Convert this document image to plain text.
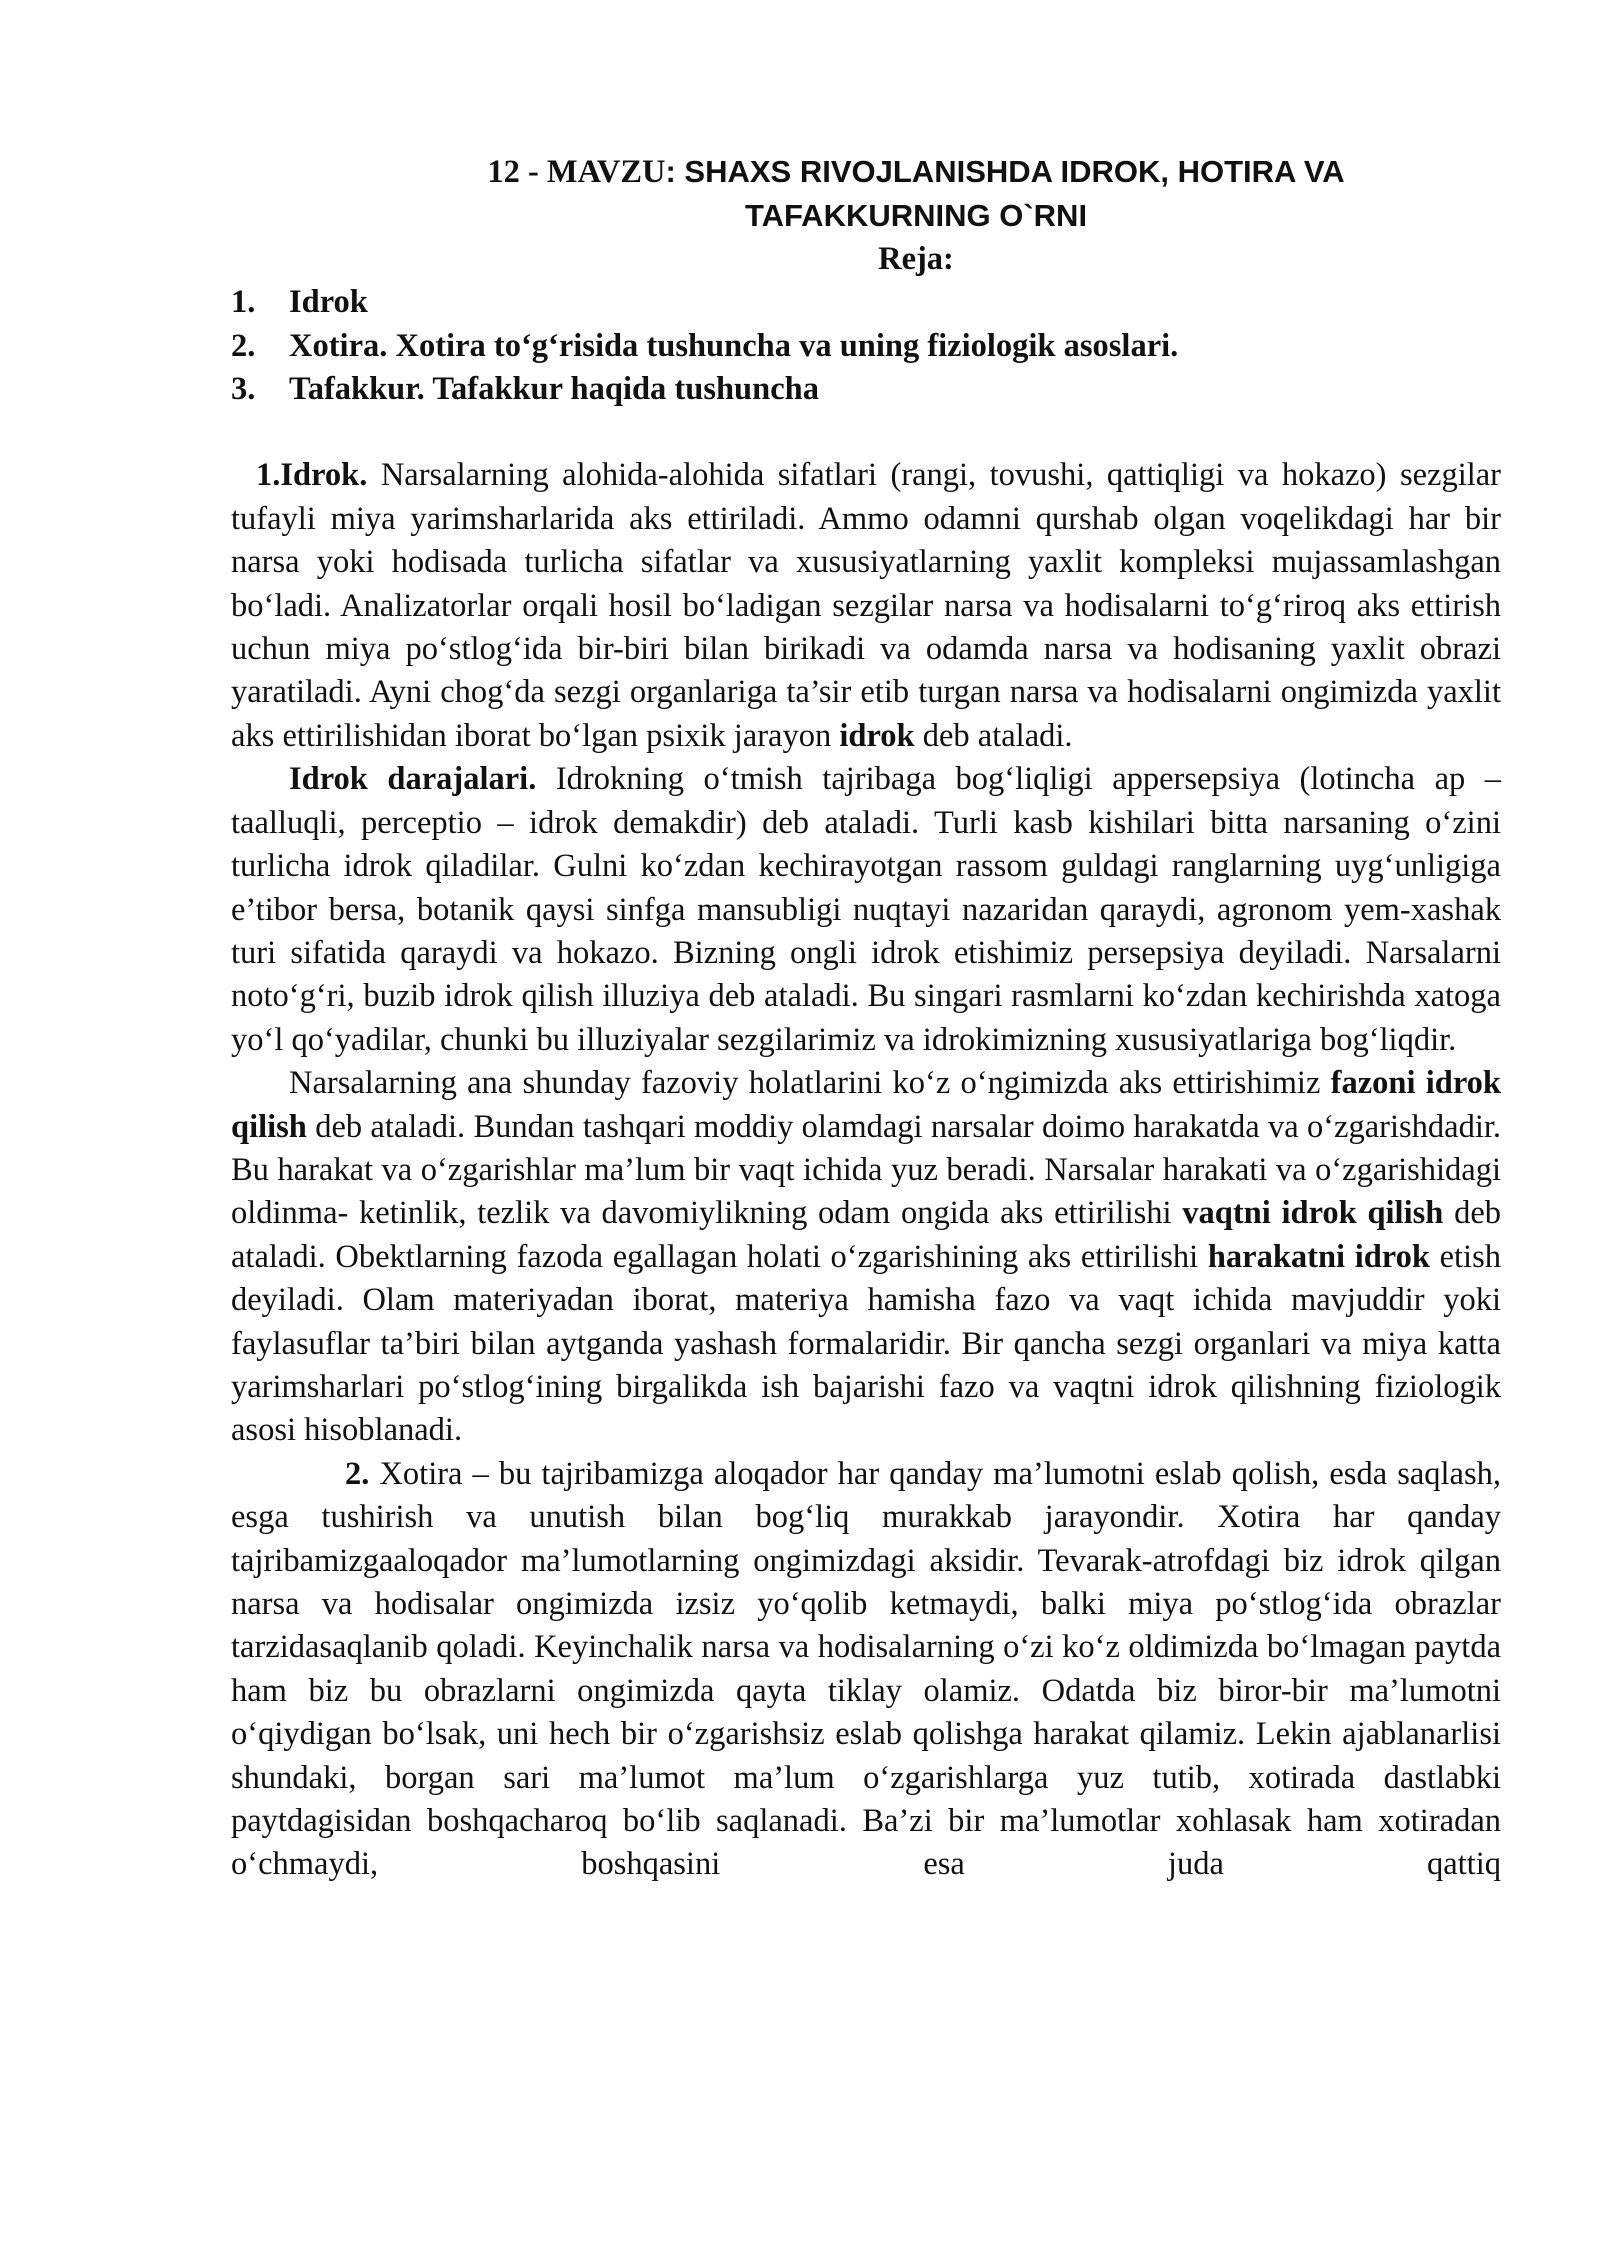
12 - MAVZU: SHAXS RIVOJLANISHDA IDROK, HOTIRA VA
TAFAKKURNING O`RNI
Reja:
1.	Idrok
2.	Xotira. Xotira to‘g‘risida tushuncha va uning fiziologik asoslari.
3.	Tafakkur. Tafakkur haqida tushuncha

1.Idrok. Narsalarning alohida-alohida sifatlari (rangi, tovushi, qattiqligi va hokazo) sezgilar tufayli miya yarimsharlarida aks ettiriladi. Ammo odamni qurshab olgan voqelikdagi har bir narsa yoki hodisada turlicha sifatlar va xususiyatlarning yaxlit kompleksi mujassamlashgan bo‘ladi. Analizatorlar orqali hosil bo‘ladigan sezgilar narsa va hodisalarni to‘g‘riroq aks ettirish uchun miya po‘stlog‘ida bir-biri bilan birikadi va odamda narsa va hodisaning yaxlit obrazi yaratiladi. Ayni chog‘da sezgi organlariga ta’sir etib turgan narsa va hodisalarni ongimizda yaxlit aks ettirilishidan iborat bo‘lgan psixik jarayon idrok deb ataladi.

Idrok darajalari. Idrokning o‘tmish tajribaga bog‘liqligi appersepsiya (lotincha ap – taalluqli, perceptio – idrok demakdir) deb ataladi. Turli kasb kishilari bitta narsaning o‘zini turlicha idrok qiladilar. Gulni ko‘zdan kechirayotgan rassom guldagi ranglarning uyg‘unligiga e’tibor bersa, botanik qaysi sinfga mansubligi nuqtayi nazaridan qaraydi, agronom yem-xashak turi sifatida qaraydi va hokazo. Bizning ongli idrok etishimiz persepsiya deyiladi. Narsalarni noto‘g‘ri, buzib idrok qilish illuziya deb ataladi. Bu singari rasmlarni ko‘zdan kechirishda xatoga yo‘l qo‘yadilar, chunki bu illuziyalar sezgilarimiz va idrokimizning xususiyatlariga bog‘liqdir.

Narsalarning ana shunday fazoviy holatlarini ko‘z o‘ngimizda aks ettirishimiz fazoni idrok qilish deb ataladi. Bundan tashqari moddiy olamdagi narsalar doimo harakatda va o‘zgarishdadir. Bu harakat va o‘zgarishlar ma’lum bir vaqt ichida yuz beradi. Narsalar harakati va o‘zgarishidagi oldinma- ketinlik, tezlik va davomiylikning odam ongida aks ettirilishi vaqtni idrok qilish deb ataladi. Obektlarning fazoda egallagan holati o‘zgarishining aks ettirilishi harakatni idrok etish deyiladi. Olam materiyadan iborat, materiya hamisha fazo va vaqt ichida mavjuddir yoki faylasuflar ta’biri bilan aytganda yashash formalaridir. Bir qancha sezgi organlari va miya katta yarimsharlari po‘stlog‘ining birgalikda ish bajarishi fazo va vaqtni idrok qilishning fiziologik asosi hisoblanadi.

2. Xotira – bu tajribamizga aloqador har qanday ma’lumotni eslab qolish, esda saqlash, esga tushirish va unutish bilan bog‘liq murakkab jarayondir. Xotira har qanday tajribamizgaaloqador ma’lumotlarning ongimizdagi aksidir. Tevarak-atrofdagi biz idrok qilgan narsa va hodisalar ongimizda izsiz yo‘qolib ketmaydi, balki miya po‘stlog‘ida obrazlar tarzidasaqlanib qoladi. Keyinchalik narsa va hodisalarning o‘zi ko‘z oldimizda bo‘lmagan paytda ham biz bu obrazlarni ongimizda qayta tiklay olamiz. Odatda biz biror-bir ma’lumotni o‘qiydigan bo‘lsak, uni hech bir o‘zgarishsiz eslab qolishga harakat qilamiz. Lekin ajablanarlisi shundaki, borgan sari ma’lumot ma’lum o‘zgarishlarga yuz tutib, xotirada dastlabki paytdagisidan boshqacharoq bo‘lib saqlanadi. Ba’zi bir ma’lumotlar xohlasak ham xotiradan o‘chmaydi, boshqasini esa juda qattiq
